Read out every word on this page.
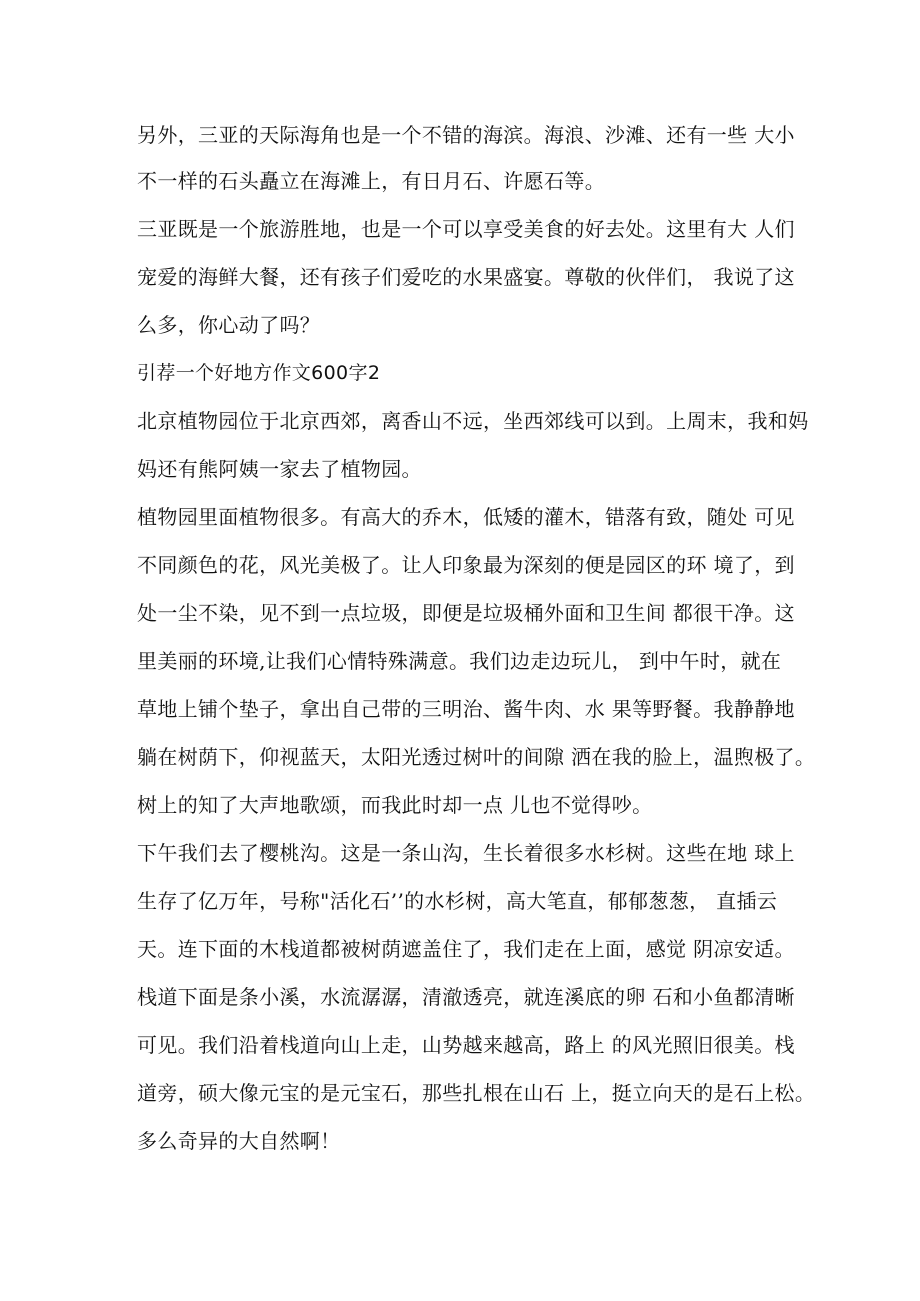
另外，三亚的天际海角也是一个不错的海滨。海浪、沙滩、还有一些 大小
不一样的石头矗立在海滩上，有日月石、许愿石等。
三亚既是一个旅游胜地，也是一个可以享受美食的好去处。这里有大 人们
宠爱的海鲜大餐，还有孩子们爱吃的水果盛宴。尊敬的伙伴们， 我说了这
么多，你心动了吗？
引荐一个好地方作文600字2
北京植物园位于北京西郊，离香山不远，坐西郊线可以到。上周末，我和妈
妈还有熊阿姨一家去了植物园。
植物园里面植物很多。有高大的乔木，低矮的灌木，错落有致，随处 可见
不同颜色的花，风光美极了。让人印象最为深刻的便是园区的环 境了，到
处一尘不染，见不到一点垃圾，即便是垃圾桶外面和卫生间 都很干净。这
里美丽的环境,让我们心情特殊满意。我们边走边玩儿， 到中午时，就在
草地上铺个垫子，拿出自己带的三明治、酱牛肉、水 果等野餐。我静静地
躺在树荫下，仰视蓝天，太阳光透过树叶的间隙 洒在我的脸上，温煦极了。
树上的知了大声地歌颂，而我此时却一点 儿也不觉得吵。
下午我们去了樱桃沟。这是一条山沟，生长着很多水杉树。这些在地 球上
生存了亿万年，号称"活化石’’的水杉树，高大笔直，郁郁葱葱， 直插云
天。连下面的木栈道都被树荫遮盖住了，我们走在上面，感觉 阴凉安适。
栈道下面是条小溪，水流潺潺，清澈透亮，就连溪底的卵 石和小鱼都清晰
可见。我们沿着栈道向山上走，山势越来越高，路上 的风光照旧很美。栈
道旁，硕大像元宝的是元宝石，那些扎根在山石 上，挺立向天的是石上松。
多么奇异的大自然啊！
